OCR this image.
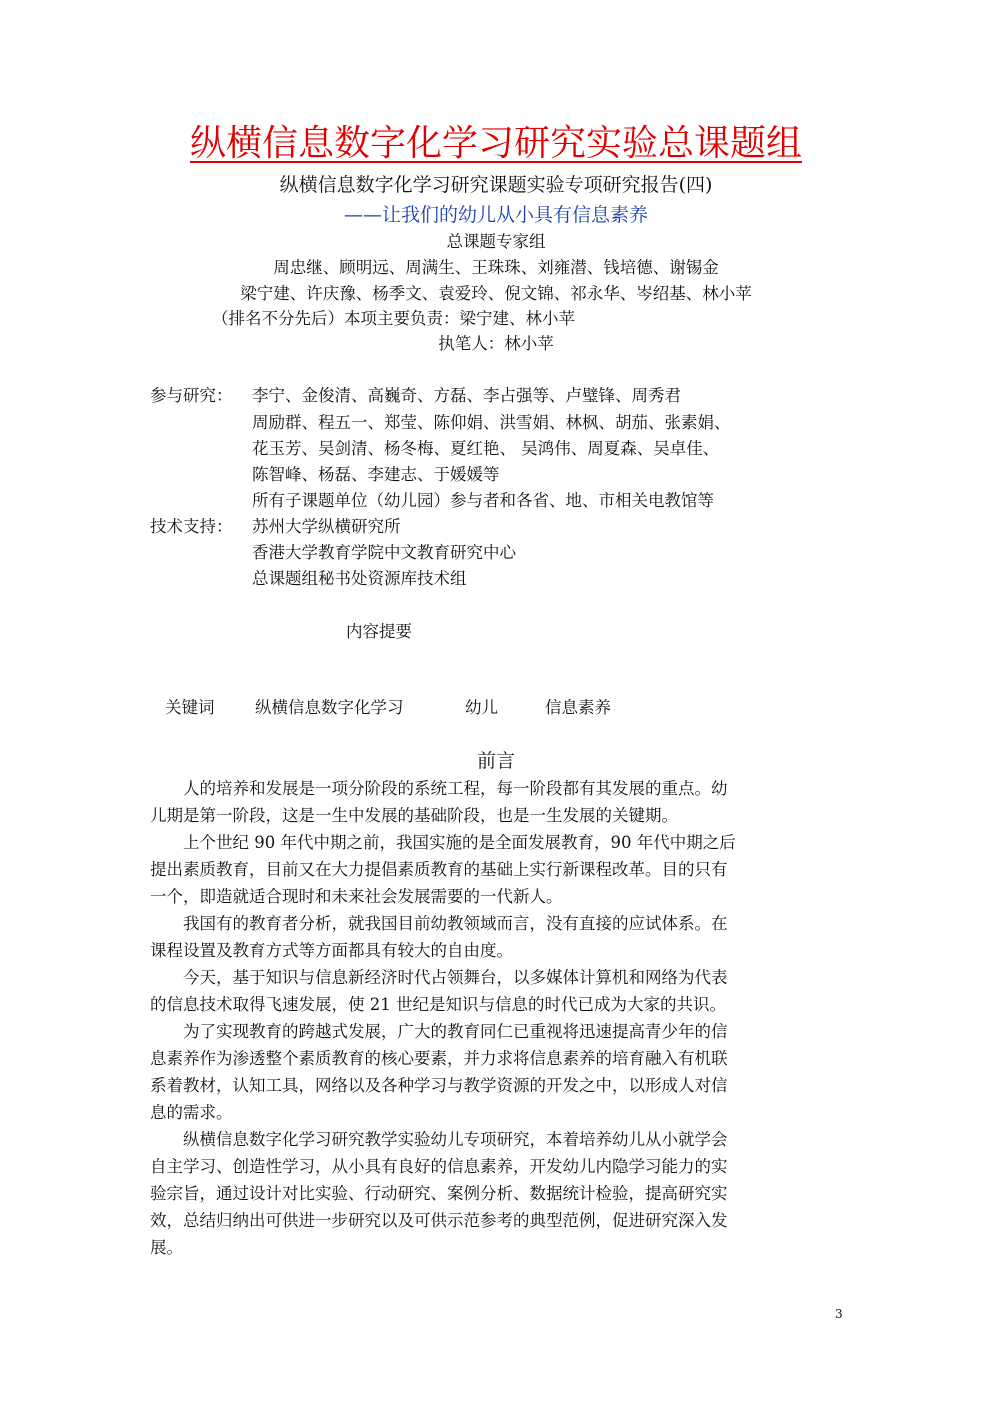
纵横信息数字化学习研究实验总课题组
纵横信息数字化学习研究课题实验专项研究报告(四)
——让我们的幼儿从小具有信息素养
总课题专家组
周忠继、顾明远、周满生、王珠珠、刘雍潜、钱培德、谢锡金
梁宁建、许庆豫、杨季文、袁爱玲、倪文锦、祁永华、岑绍基、林小苹
（排名不分先后）本项主要负责：梁宁建、林小苹
执笔人：林小苹
参与研究： 李宁、金俊清、高巍奇、方磊、李占强等、卢璧锋、周秀君
周励群、程五一、郑莹、陈仰娟、洪雪娟、林枫、胡茄、张素娟、
花玉芳、吴剑清、杨冬梅、夏红艳、 吴鸿伟、周夏森、吴卓佳、
陈智峰、杨磊、李建志、于媛媛等
所有子课题单位（幼儿园）参与者和各省、地、市相关电教馆等
技术支持： 苏州大学纵横研究所
香港大学教育学院中文教育研究中心
总课题组秘书处资源库技术组
内容提要
关键词 纵横信息数字化学习	幼儿	信息素养
前言
　　人的培养和发展是一项分阶段的系统工程，每一阶段都有其发展的重点。幼
儿期是第一阶段，这是一生中发展的基础阶段，也是一生发展的关键期。
　　上个世纪 90 年代中期之前，我国实施的是全面发展教育，90 年代中期之后
提出素质教育，目前又在大力提倡素质教育的基础上实行新课程改革。目的只有
一个，即造就适合现时和未来社会发展需要的一代新人。
　　我国有的教育者分析，就我国目前幼教领域而言，没有直接的应试体系。在
课程设置及教育方式等方面都具有较大的自由度。
　　今天，基于知识与信息新经济时代占领舞台，以多媒体计算机和网络为代表
的信息技术取得飞速发展，使 21 世纪是知识与信息的时代已成为大家的共识。
　　为了实现教育的跨越式发展，广大的教育同仁已重视将迅速提高青少年的信
息素养作为渗透整个素质教育的核心要素，并力求将信息素养的培育融入有机联
系着教材，认知工具，网络以及各种学习与教学资源的开发之中，以形成人对信
息的需求。
　　纵横信息数字化学习研究教学实验幼儿专项研究，本着培养幼儿从小就学会
自主学习、创造性学习，从小具有良好的信息素养，开发幼儿内隐学习能力的实
验宗旨，通过设计对比实验、行动研究、案例分析、数据统计检验，提高研究实
效，总结归纳出可供进一步研究以及可供示范参考的典型范例，促进研究深入发
展。
3
